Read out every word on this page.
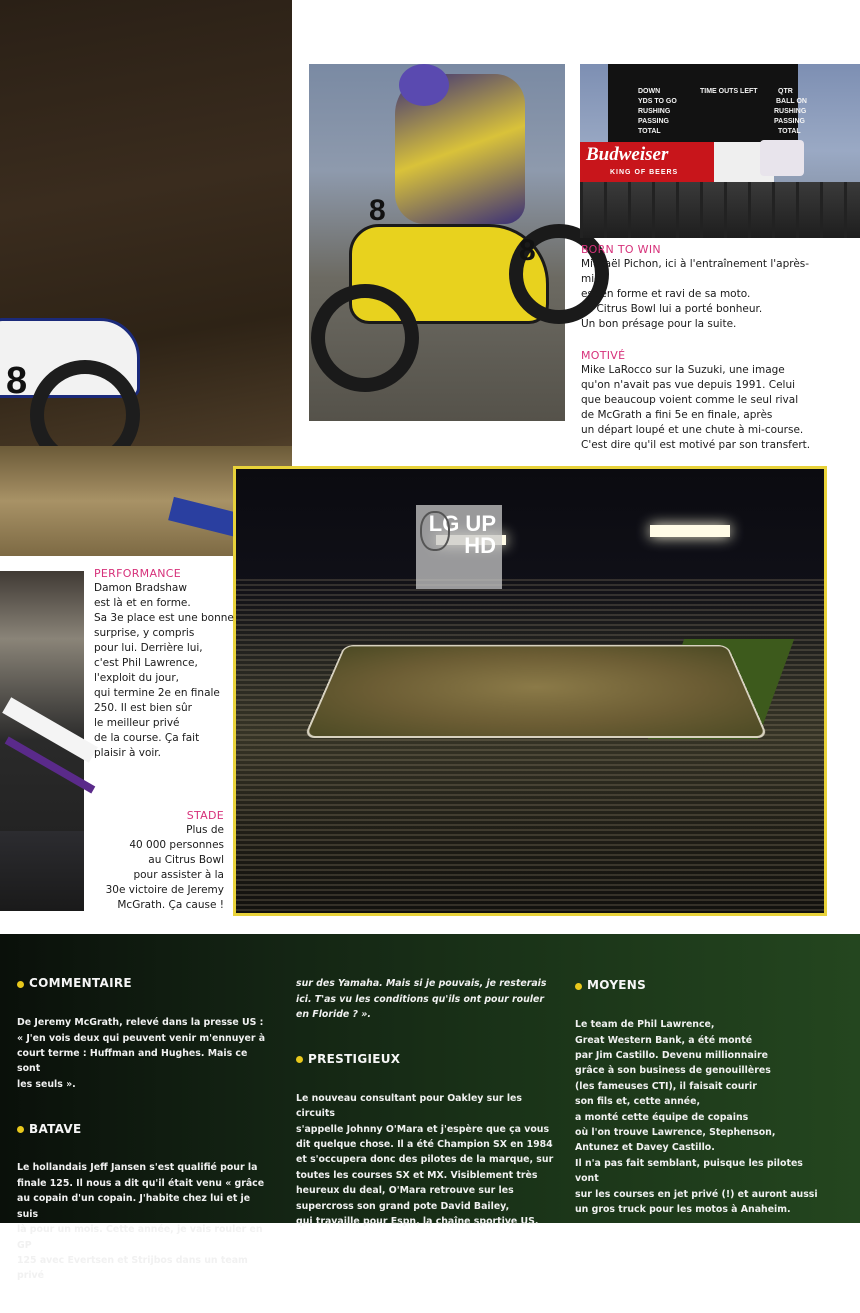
8
8
8
DOWN
YDS TO GO
RUSHING
PASSING
TOTAL
TIME OUTS LEFT	QTR
BALL ON
RUSHING
PASSING
TOTAL
Budweiser
KING OF BEERS
LG UP HD
BORN TO WIN

Mickaël Pichon, ici à l'entraînement l'après-midi,
est en forme et ravi de sa moto.
Le Citrus Bowl lui a porté bonheur.
Un bon présage pour la suite.

MOTIVÉ

Mike LaRocco sur la Suzuki, une image
qu'on n'avait pas vue depuis 1991. Celui
que beaucoup voient comme le seul rival
de McGrath a fini 5e en finale, après
un départ loupé et une chute à mi-course.
C'est dire qu'il est motivé par son transfert.

PERFORMANCE

Damon Bradshaw
est là et en forme.
Sa 3e place est une bonne
surprise, y compris
pour lui. Derrière lui,
c'est Phil Lawrence,
l'exploit du jour,
qui termine 2e en finale
250. Il est bien sûr
le meilleur privé
de la course. Ça fait
plaisir à voir.

STADE

Plus de
40 000 personnes
au Citrus Bowl
pour assister à la
30e victoire de Jeremy
McGrath. Ça cause !

COMMENTAIRE

De Jeremy McGrath, relevé dans la presse US :
« J'en vois deux qui peuvent venir m'ennuyer à
court terme : Huffman and Hughes. Mais ce sont
les seuls ».

BATAVE

Le hollandais Jeff Jansen s'est qualifié pour la
finale 125. Il nous a dit qu'il était venu « grâce
au copain d'un copain. J'habite chez lui et je suis
là pour un mois. Cette année, je vais rouler en GP
125 avec Evertsen et Strijbos dans un team privé

sur des Yamaha. Mais si je pouvais, je resterais
ici. T'as vu les conditions qu'ils ont pour rouler
en Floride ? ».

PRESTIGIEUX

Le nouveau consultant pour Oakley sur les circuits
s'appelle Johnny O'Mara et j'espère que ça vous
dit quelque chose. Il a été Champion SX en 1984
et s'occupera donc des pilotes de la marque, sur
toutes les courses SX et MX. Visiblement très
heureux du deal, O'Mara retrouve sur les
supercross son grand pote David Bailey,
qui travaille pour Espn, la chaîne sportive US.

MOYENS

Le team de Phil Lawrence,
Great Western Bank, a été monté
par Jim Castillo. Devenu millionnaire
grâce à son business de genouillères
(les fameuses CTI), il faisait courir
son fils et, cette année,
a monté cette équipe de copains
où l'on trouve Lawrence, Stephenson,
Antunez et Davey Castillo.
Il n'a pas fait semblant, puisque les pilotes vont
sur les courses en jet privé (!) et auront aussi
un gros truck pour les motos à Anaheim.
